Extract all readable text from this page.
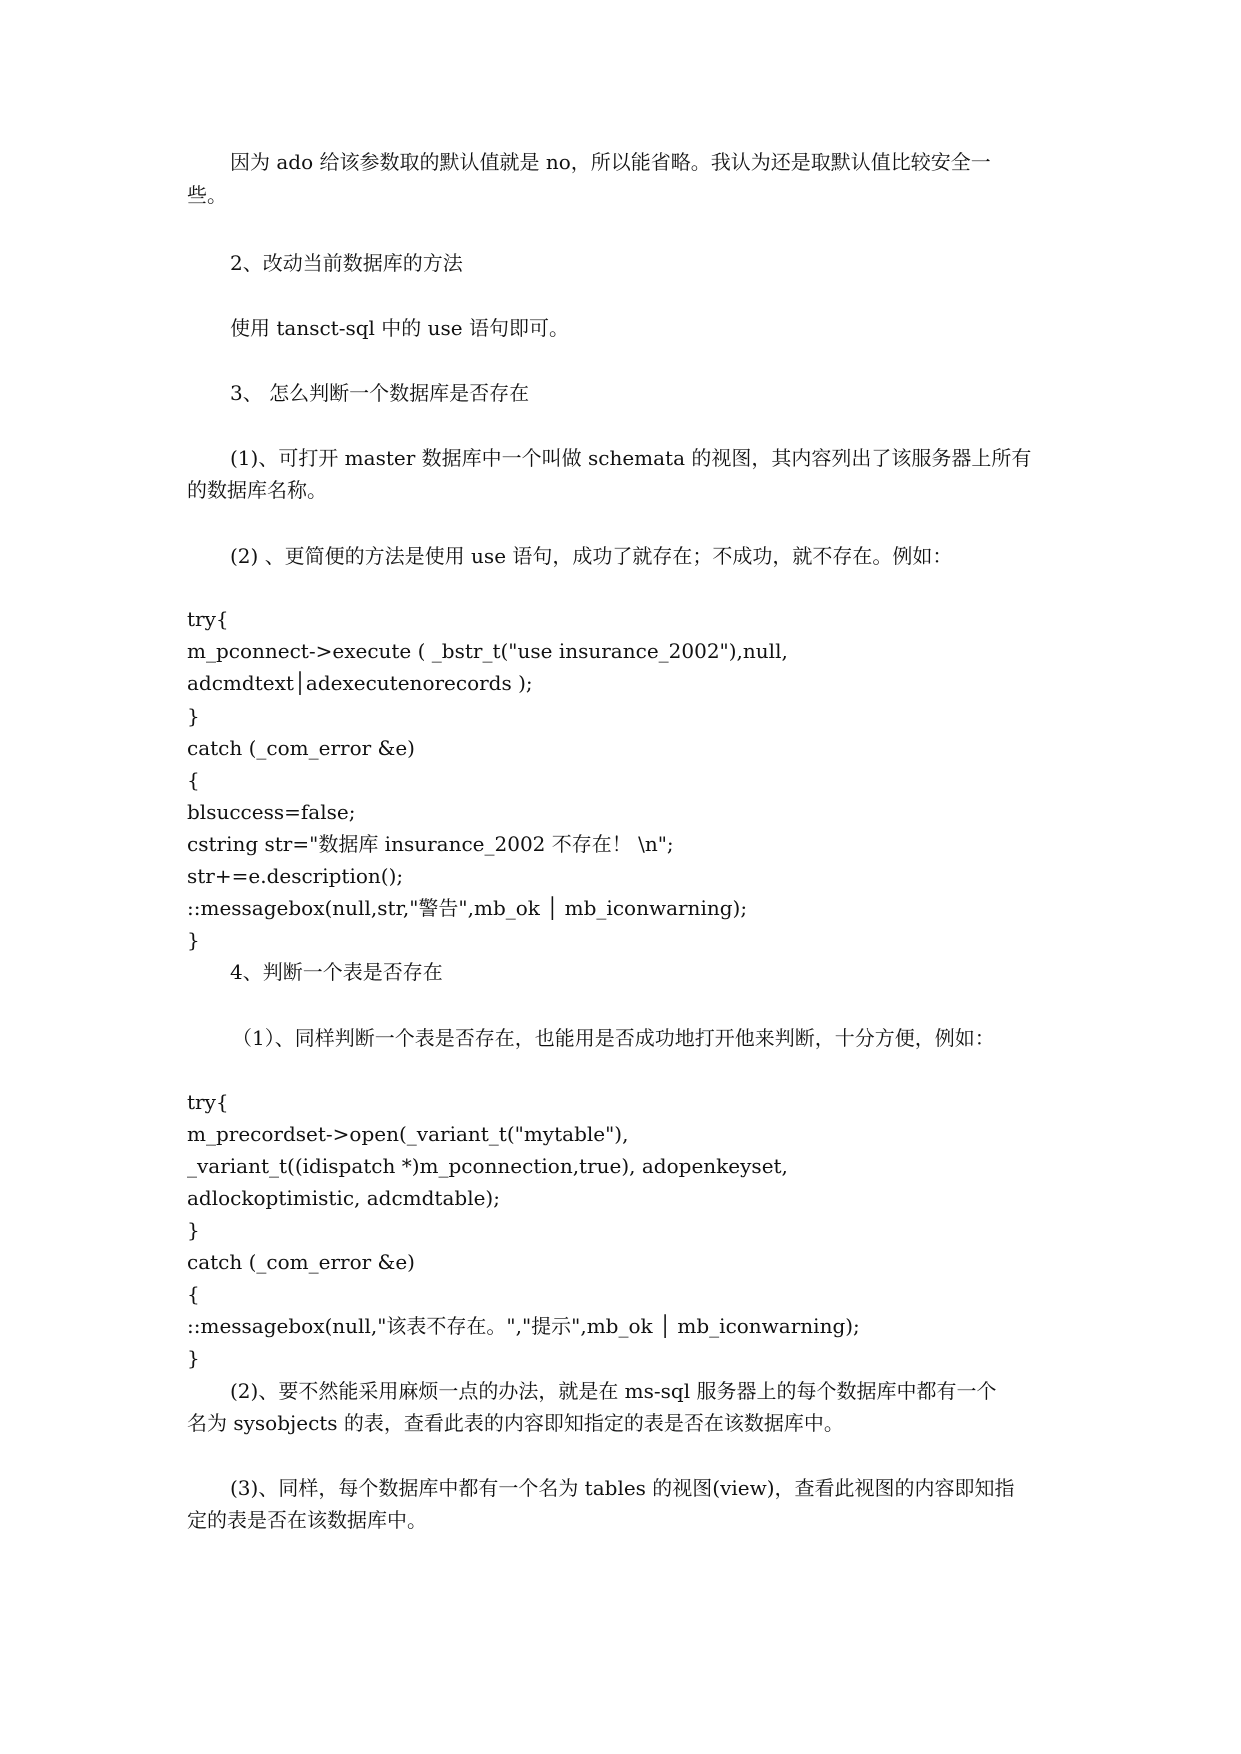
因为 ado 给该参数取的默认值就是 no，所以能省略。我认为还是取默认值比较安全一
些。
2、改动当前数据库的方法
使用 tansct-sql 中的 use 语句即可。
3、 怎么判断一个数据库是否存在
(1)、可打开 master 数据库中一个叫做 schemata 的视图，其内容列出了该服务器上所有
的数据库名称。
(2) 、更简便的方法是使用 use 语句，成功了就存在；不成功，就不存在。例如：
try{
m_pconnect->execute ( _bstr_t("use insurance_2002"),null,
adcmdtext│adexecutenorecords );
}
catch (_com_error &e)
{
blsuccess=false;
cstring str="数据库 insurance_2002 不存在！ \n";
str+=e.description();
::messagebox(null,str,"警告",mb_ok │ mb_iconwarning);
}
4、判断一个表是否存在
（1）、同样判断一个表是否存在，也能用是否成功地打开他来判断，十分方便，例如：
try{
m_precordset->open(_variant_t("mytable"),
_variant_t((idispatch *)m_pconnection,true), adopenkeyset,
adlockoptimistic, adcmdtable);
}
catch (_com_error &e)
{
::messagebox(null,"该表不存在。","提示",mb_ok │ mb_iconwarning);
}
(2)、要不然能采用麻烦一点的办法，就是在 ms-sql 服务器上的每个数据库中都有一个
名为 sysobjects 的表，查看此表的内容即知指定的表是否在该数据库中。
(3)、同样，每个数据库中都有一个名为 tables 的视图(view)，查看此视图的内容即知指
定的表是否在该数据库中。
